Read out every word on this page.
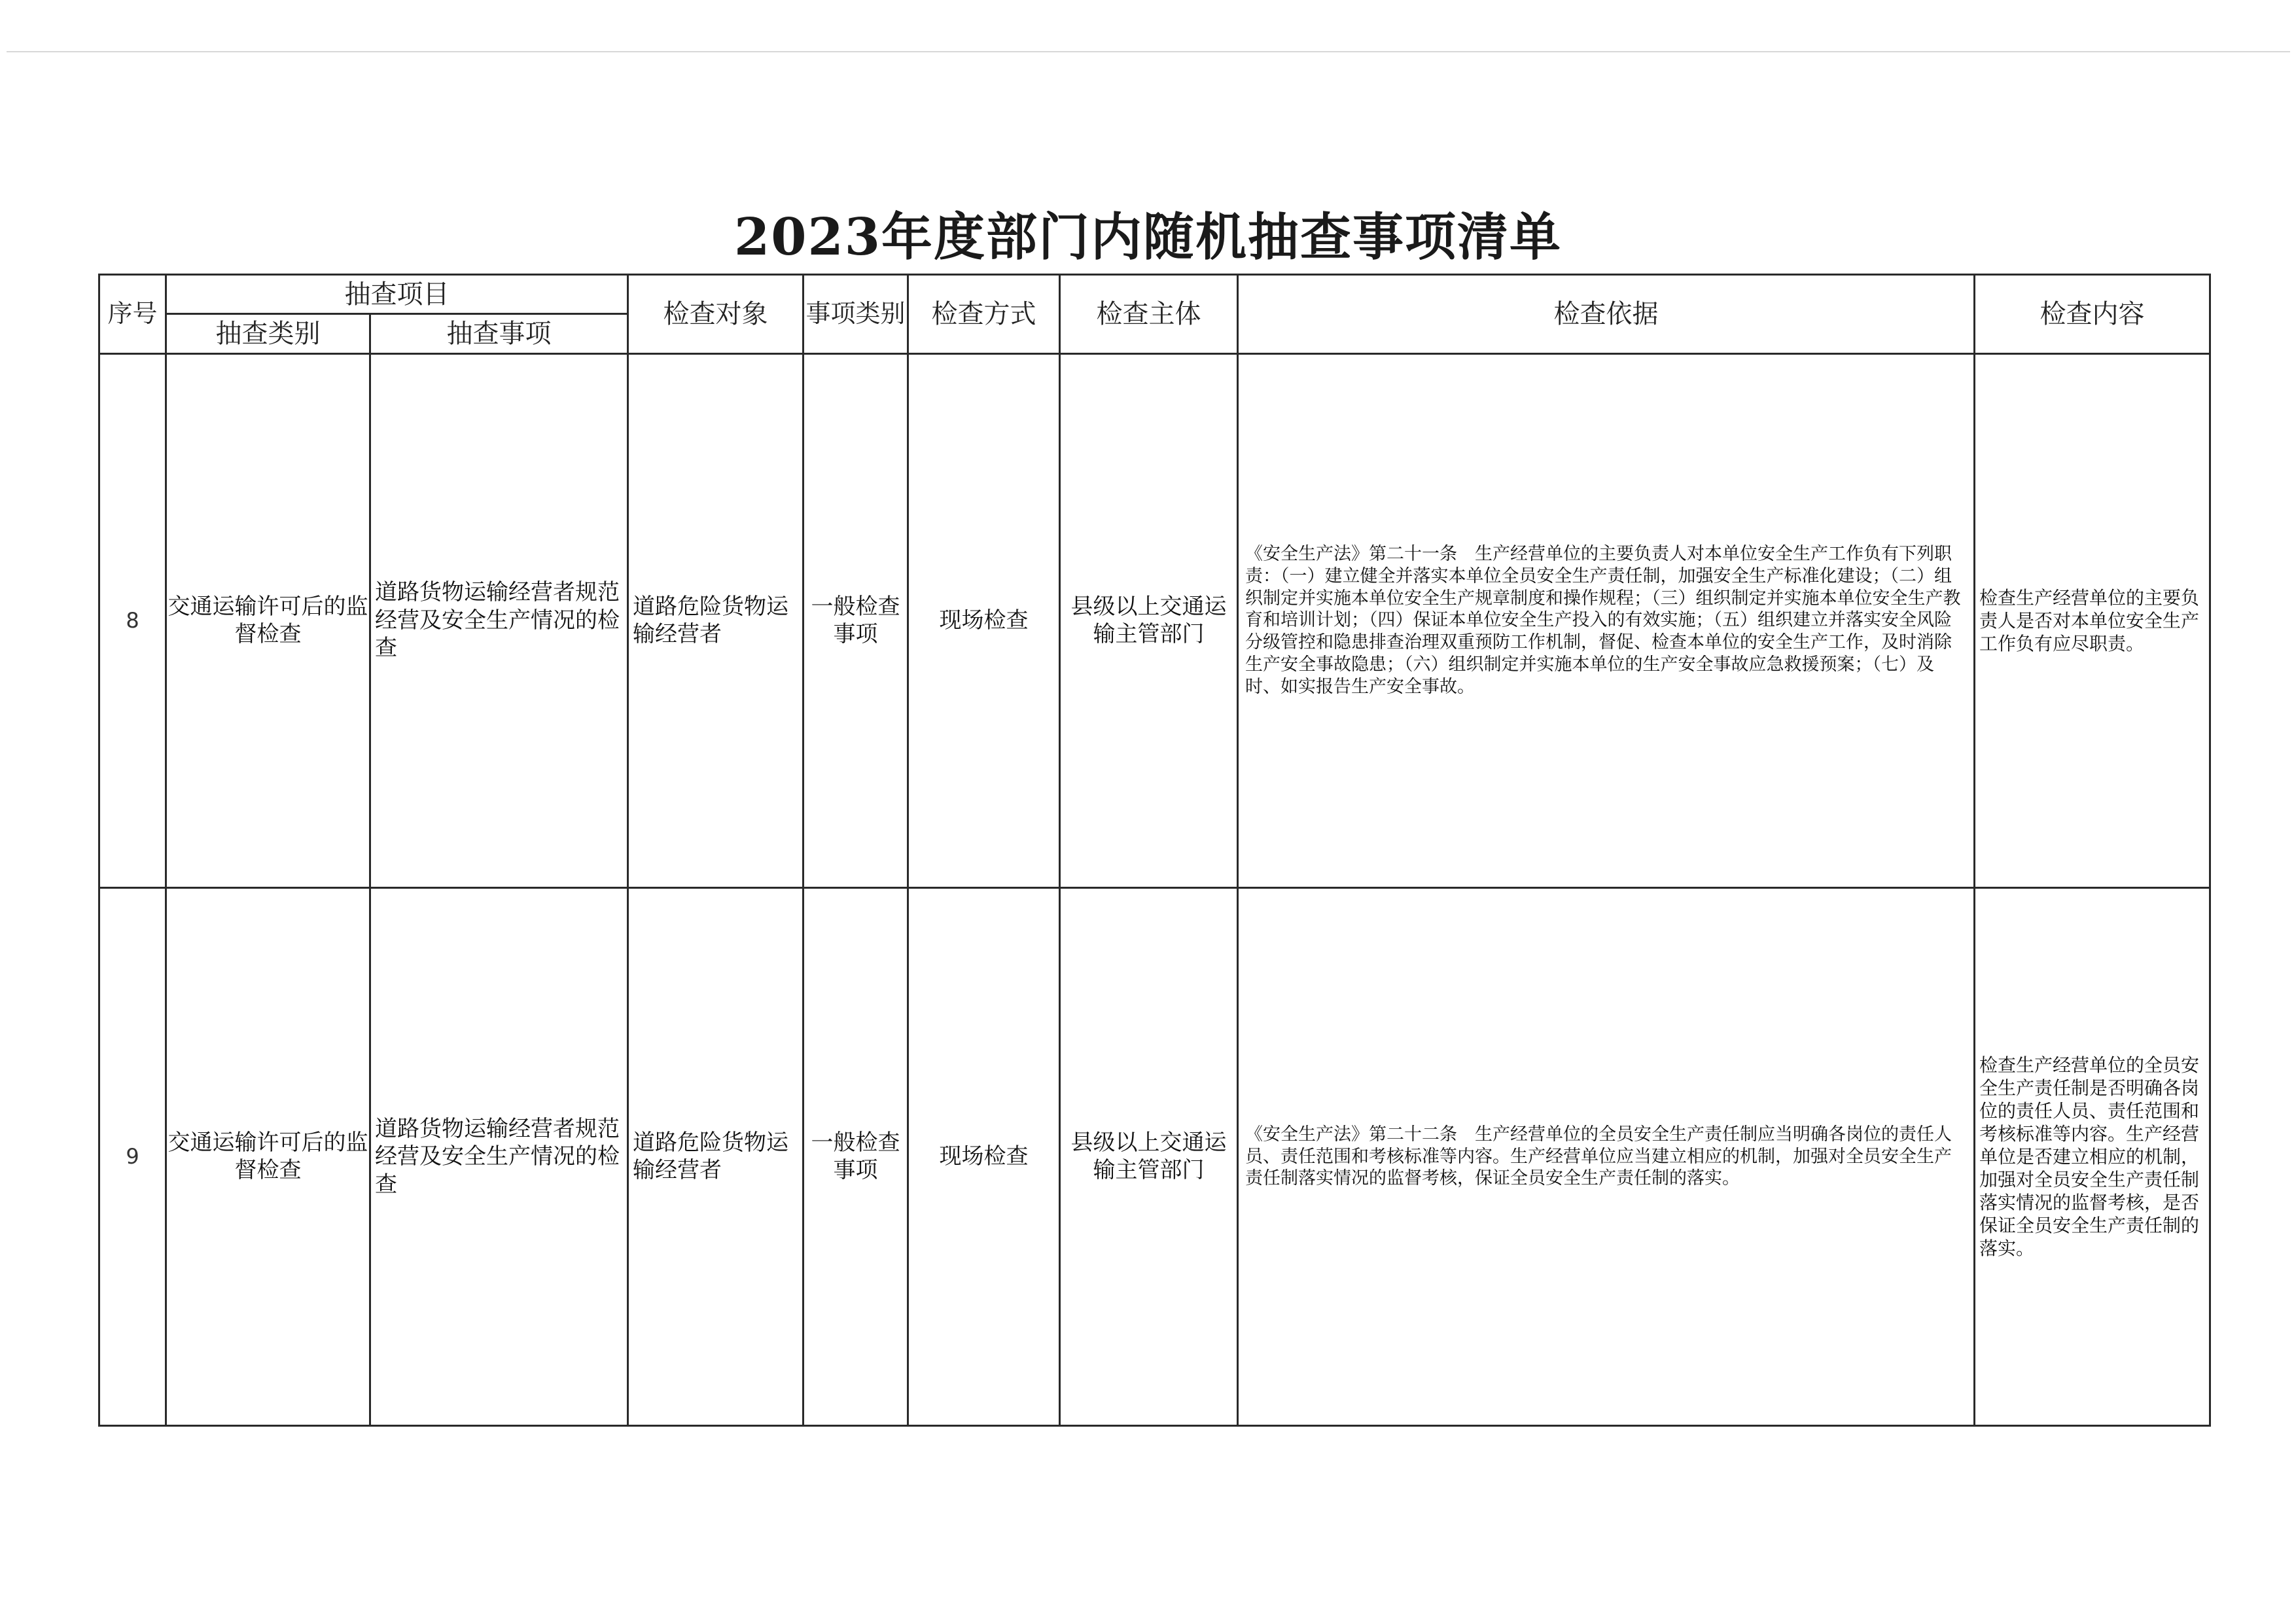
2023年度部门内随机抽查事项清单
序号	抽查项目		检查对象	事项类别	检查方式	检查主体	检查依据	检查内容
	抽查类别	抽查事项						
8	交通运输许可后的监督检查	道路货物运输经营者规范经营及安全生产情况的检查	道路危险货物运输经营者	一般检查事项	现场检查	县级以上交通运输主管部门	《安全生产法》第二十一条　生产经营单位的主要负责人对本单位安全生产工作负有下列职责：（一）建立健全并落实本单位全员安全生产责任制，加强安全生产标准化建设；（二）组织制定并实施本单位安全生产规章制度和操作规程；（三）组织制定并实施本单位安全生产教育和培训计划；（四）保证本单位安全生产投入的有效实施；（五）组织建立并落实安全风险分级管控和隐患排查治理双重预防工作机制，督促、检查本单位的安全生产工作，及时消除生产安全事故隐患；（六）组织制定并实施本单位的生产安全事故应急救援预案；（七）及时、如实报告生产安全事故。	检查生产经营单位的主要负责人是否对本单位安全生产工作负有应尽职责。
9	交通运输许可后的监督检查	道路货物运输经营者规范经营及安全生产情况的检查	道路危险货物运输经营者	一般检查事项	现场检查	县级以上交通运输主管部门	《安全生产法》第二十二条　生产经营单位的全员安全生产责任制应当明确各岗位的责任人员、责任范围和考核标准等内容。生产经营单位应当建立相应的机制，加强对全员安全生产责任制落实情况的监督考核，保证全员安全生产责任制的落实。	检查生产经营单位的全员安全生产责任制是否明确各岗位的责任人员、责任范围和考核标准等内容。生产经营单位是否建立相应的机制，加强对全员安全生产责任制落实情况的监督考核，是否保证全员安全生产责任制的落实。
